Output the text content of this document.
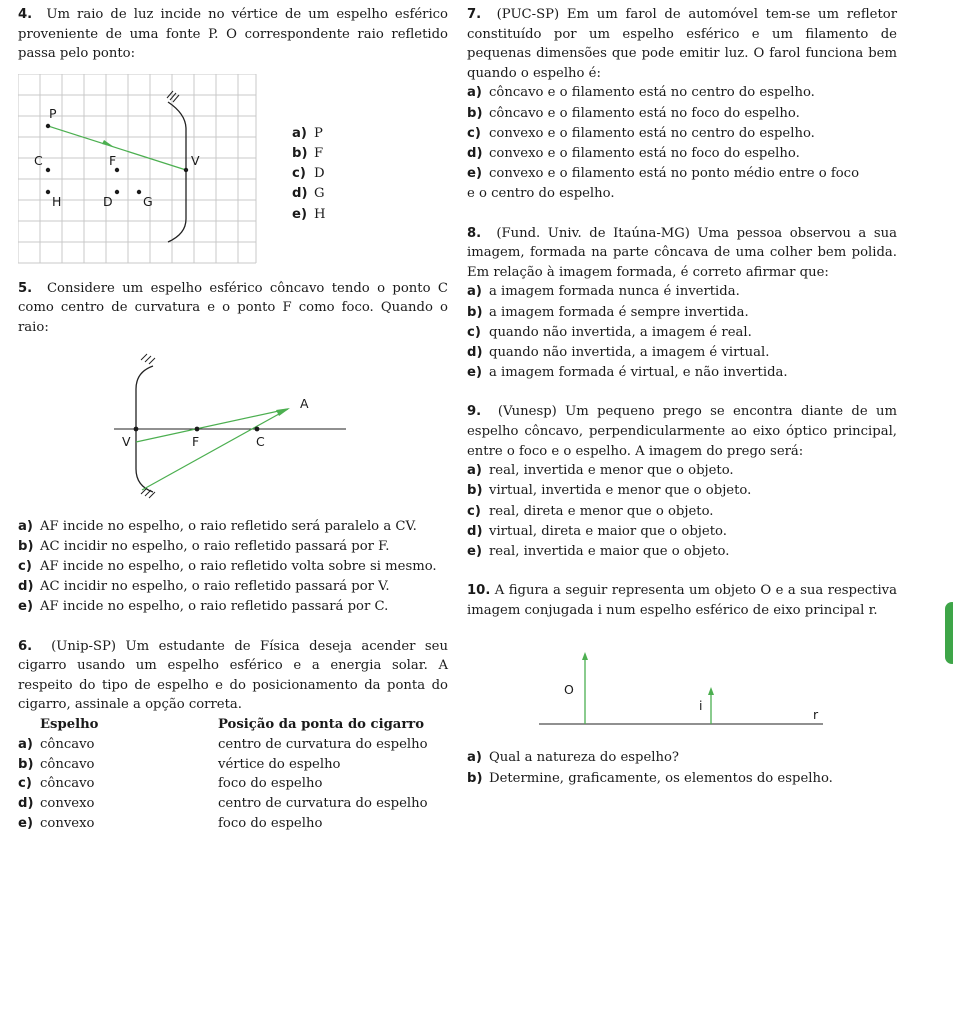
4. Um raio de luz incide no vértice de um espelho esférico proveniente de uma fonte P. O correspondente raio refletido passa pelo ponto:

P
C	F	V
H	D G
a) P
b) F
c) D
d) G
e) H

5. Considere um espelho esférico côncavo tendo o ponto C como centro de curvatura e o ponto F como foco. Quando o raio:

A
V	F	C
a) AF incide no espelho, o raio refletido será paralelo a CV.
b) AC incidir no espelho, o raio refletido passará por F.
c) AF incide no espelho, o raio refletido volta sobre si mesmo.
d) AC incidir no espelho, o raio refletido passará por V.
e) AF incide no espelho, o raio refletido passará por C.

6. (Unip-SP) Um estudante de Física deseja acender seu cigarro usando um espelho esférico e a energia solar. A respeito do tipo de espelho e do posicionamento da ponta do cigarro, assinale a opção correta.

Espelho	Posição da ponta do cigarro
a) côncavo	centro de curvatura do espelho
b) côncavo	vértice do espelho
c) côncavo	foco do espelho
d) convexo	centro de curvatura do espelho
e) convexo	foco do espelho

7. (PUC-SP) Em um farol de automóvel tem-se um refletor constituído por um espelho esférico e um filamento de pequenas dimensões que pode emitir luz. O farol funciona bem quando o espelho é:

a) côncavo e o filamento está no centro do espelho.
b) côncavo e o filamento está no foco do espelho.
c) convexo e o filamento está no centro do espelho.
d) convexo e o filamento está no foco do espelho.
e) convexo e o filamento está no ponto médio entre o foco
e o centro do espelho.

8. (Fund. Univ. de Itaúna-MG) Uma pessoa observou a sua imagem, formada na parte côncava de uma colher bem polida. Em relação à imagem formada, é correto afirmar que:

a) a imagem formada nunca é invertida.
b) a imagem formada é sempre invertida.
c) quando não invertida, a imagem é real.
d) quando não invertida, a imagem é virtual.
e) a imagem formada é virtual, e não invertida.

9. (Vunesp) Um pequeno prego se encontra diante de um espelho côncavo, perpendicularmente ao eixo óptico principal, entre o foco e o espelho. A imagem do prego será:

a) real, invertida e menor que o objeto.
b) virtual, invertida e menor que o objeto.
c) real, direta e menor que o objeto.
d) virtual, direta e maior que o objeto.
e) real, invertida e maior que o objeto.

10. A figura a seguir representa um objeto O e a sua respectiva imagem conjugada i num espelho esférico de eixo principal r.

O
i
r
a) Qual a natureza do espelho?
b) Determine, graficamente, os elementos do espelho.
